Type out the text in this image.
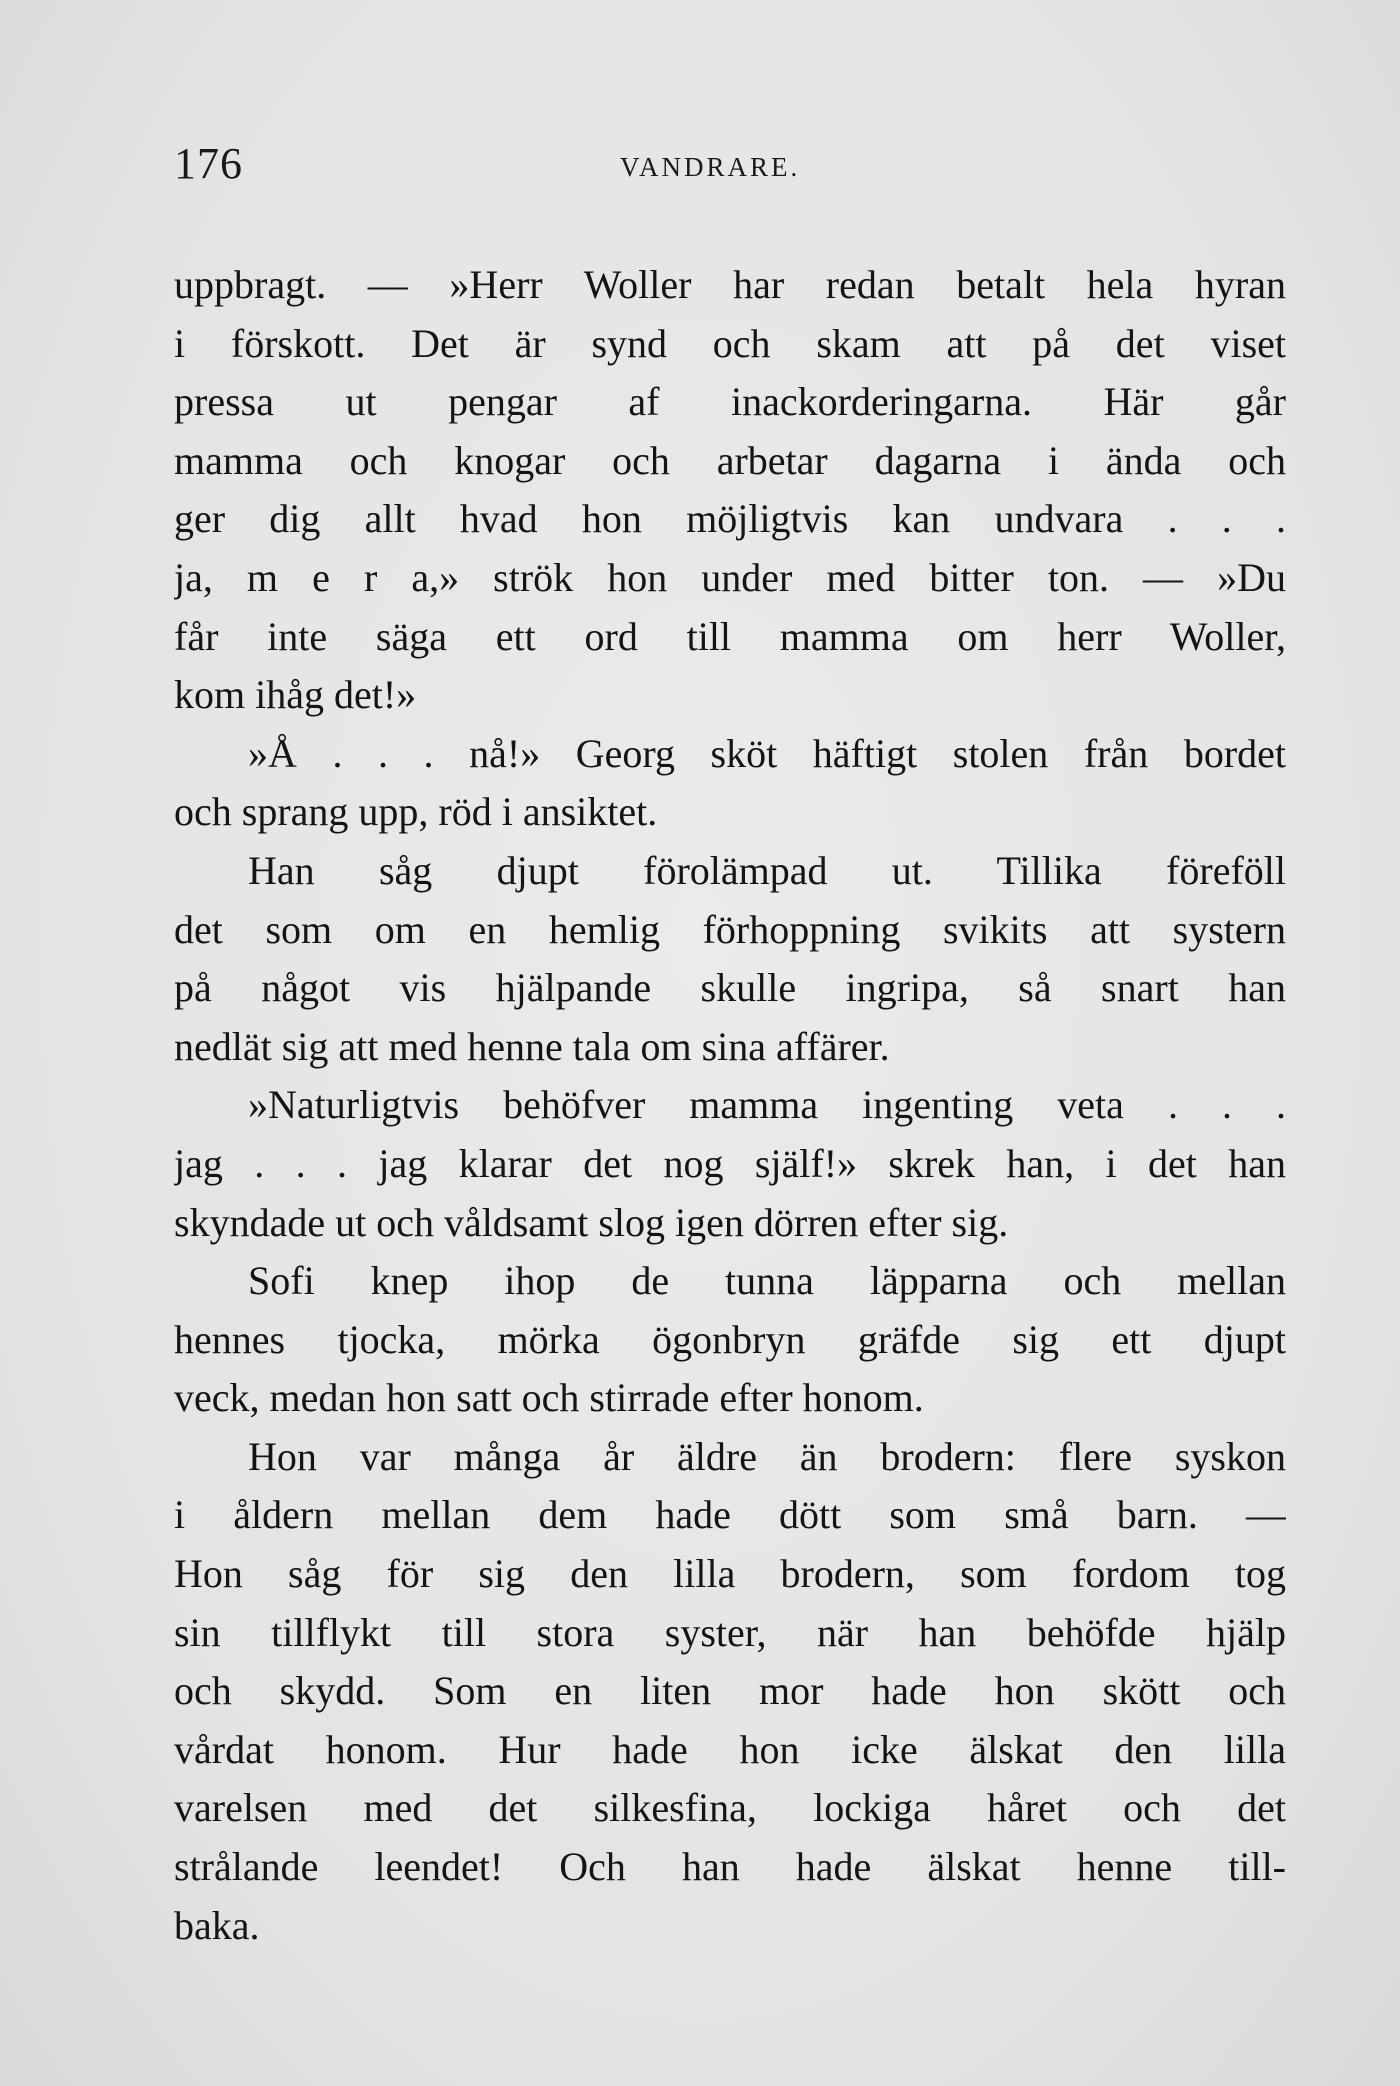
176	VANDRARE.
uppbragt. — »Herr Woller har redan betalt hela hyran
i förskott. Det är synd och skam att på det viset
pressa ut pengar af inackorderingarna. Här går
mamma och knogar och arbetar dagarna i ända och
ger dig allt hvad hon möjligtvis kan undvara . . .
ja, m e r a,» strök hon under med bitter ton. — »Du
får inte säga ett ord till mamma om herr Woller,
kom ihåg det!»
»Å . . . nå!» Georg sköt häftigt stolen från bordet
och sprang upp, röd i ansiktet.
Han såg djupt förolämpad ut. Tillika föreföll
det som om en hemlig förhoppning svikits att systern
på något vis hjälpande skulle ingripa, så snart han
nedlät sig att med henne tala om sina affärer.
»Naturligtvis behöfver mamma ingenting veta . . .
jag . . . jag klarar det nog själf!» skrek han, i det han
skyndade ut och våldsamt slog igen dörren efter sig.
Sofi knep ihop de tunna läpparna och mellan
hennes tjocka, mörka ögonbryn gräfde sig ett djupt
veck, medan hon satt och stirrade efter honom.
Hon var många år äldre än brodern: flere syskon
i åldern mellan dem hade dött som små barn. —
Hon såg för sig den lilla brodern, som fordom tog
sin tillflykt till stora syster, när han behöfde hjälp
och skydd. Som en liten mor hade hon skött och
vårdat honom. Hur hade hon icke älskat den lilla
varelsen med det silkesfina, lockiga håret och det
strålande leendet! Och han hade älskat henne till-
baka.
